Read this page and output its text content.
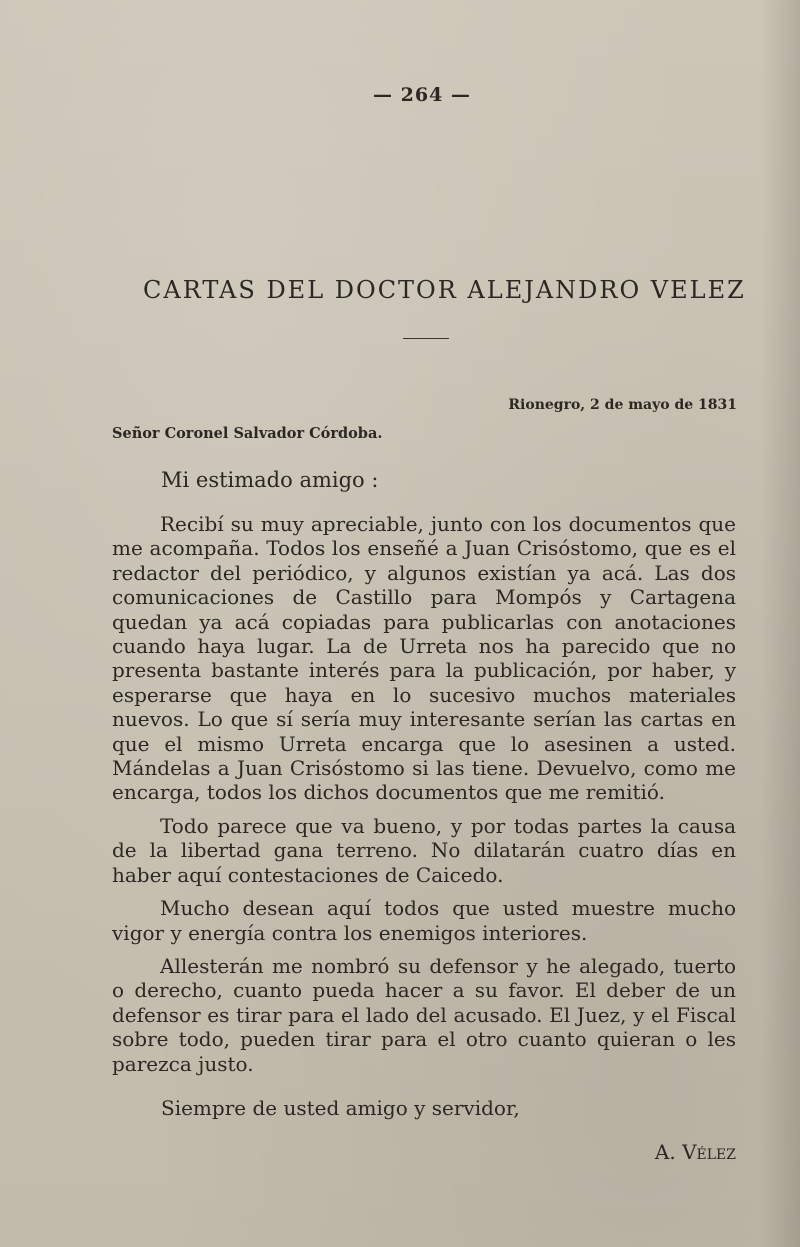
— 264 —
CARTAS DEL DOCTOR ALEJANDRO VELEZ
Rionegro, 2 de mayo de 1831
Señor Coronel Salvador Córdoba.
Mi estimado amigo :

Recibí su muy apreciable, junto con los documentos que me acompaña. Todos los enseñé a Juan Crisóstomo, que es el redactor del periódico, y algunos existían ya acá. Las dos comunicaciones de Castillo para Mompós y Cartagena quedan ya acá copiadas para publicarlas con anotaciones cuando haya lugar. La de Urreta nos ha parecido que no presenta bastante interés para la publicación, por haber, y esperarse que haya en lo sucesivo muchos materiales nuevos. Lo que sí sería muy interesante serían las cartas en que el mismo Urreta encarga que lo asesinen a usted. Mándelas a Juan Crisóstomo si las tiene. Devuelvo, como me encarga, todos los dichos documentos que me remitió.

Todo parece que va bueno, y por todas partes la causa de la libertad gana terreno. No dilatarán cuatro días en haber aquí contestaciones de Caicedo.

Mucho desean aquí todos que usted muestre mucho vigor y energía contra los enemigos interiores.

Allesterán me nombró su defensor y he alegado, tuerto o derecho, cuanto pueda hacer a su favor. El deber de un defensor es tirar para el lado del acusado. El Juez, y el Fiscal sobre todo, pueden tirar para el otro cuanto quieran o les parezca justo.

Siempre de usted amigo y servidor,
A. Vélez
